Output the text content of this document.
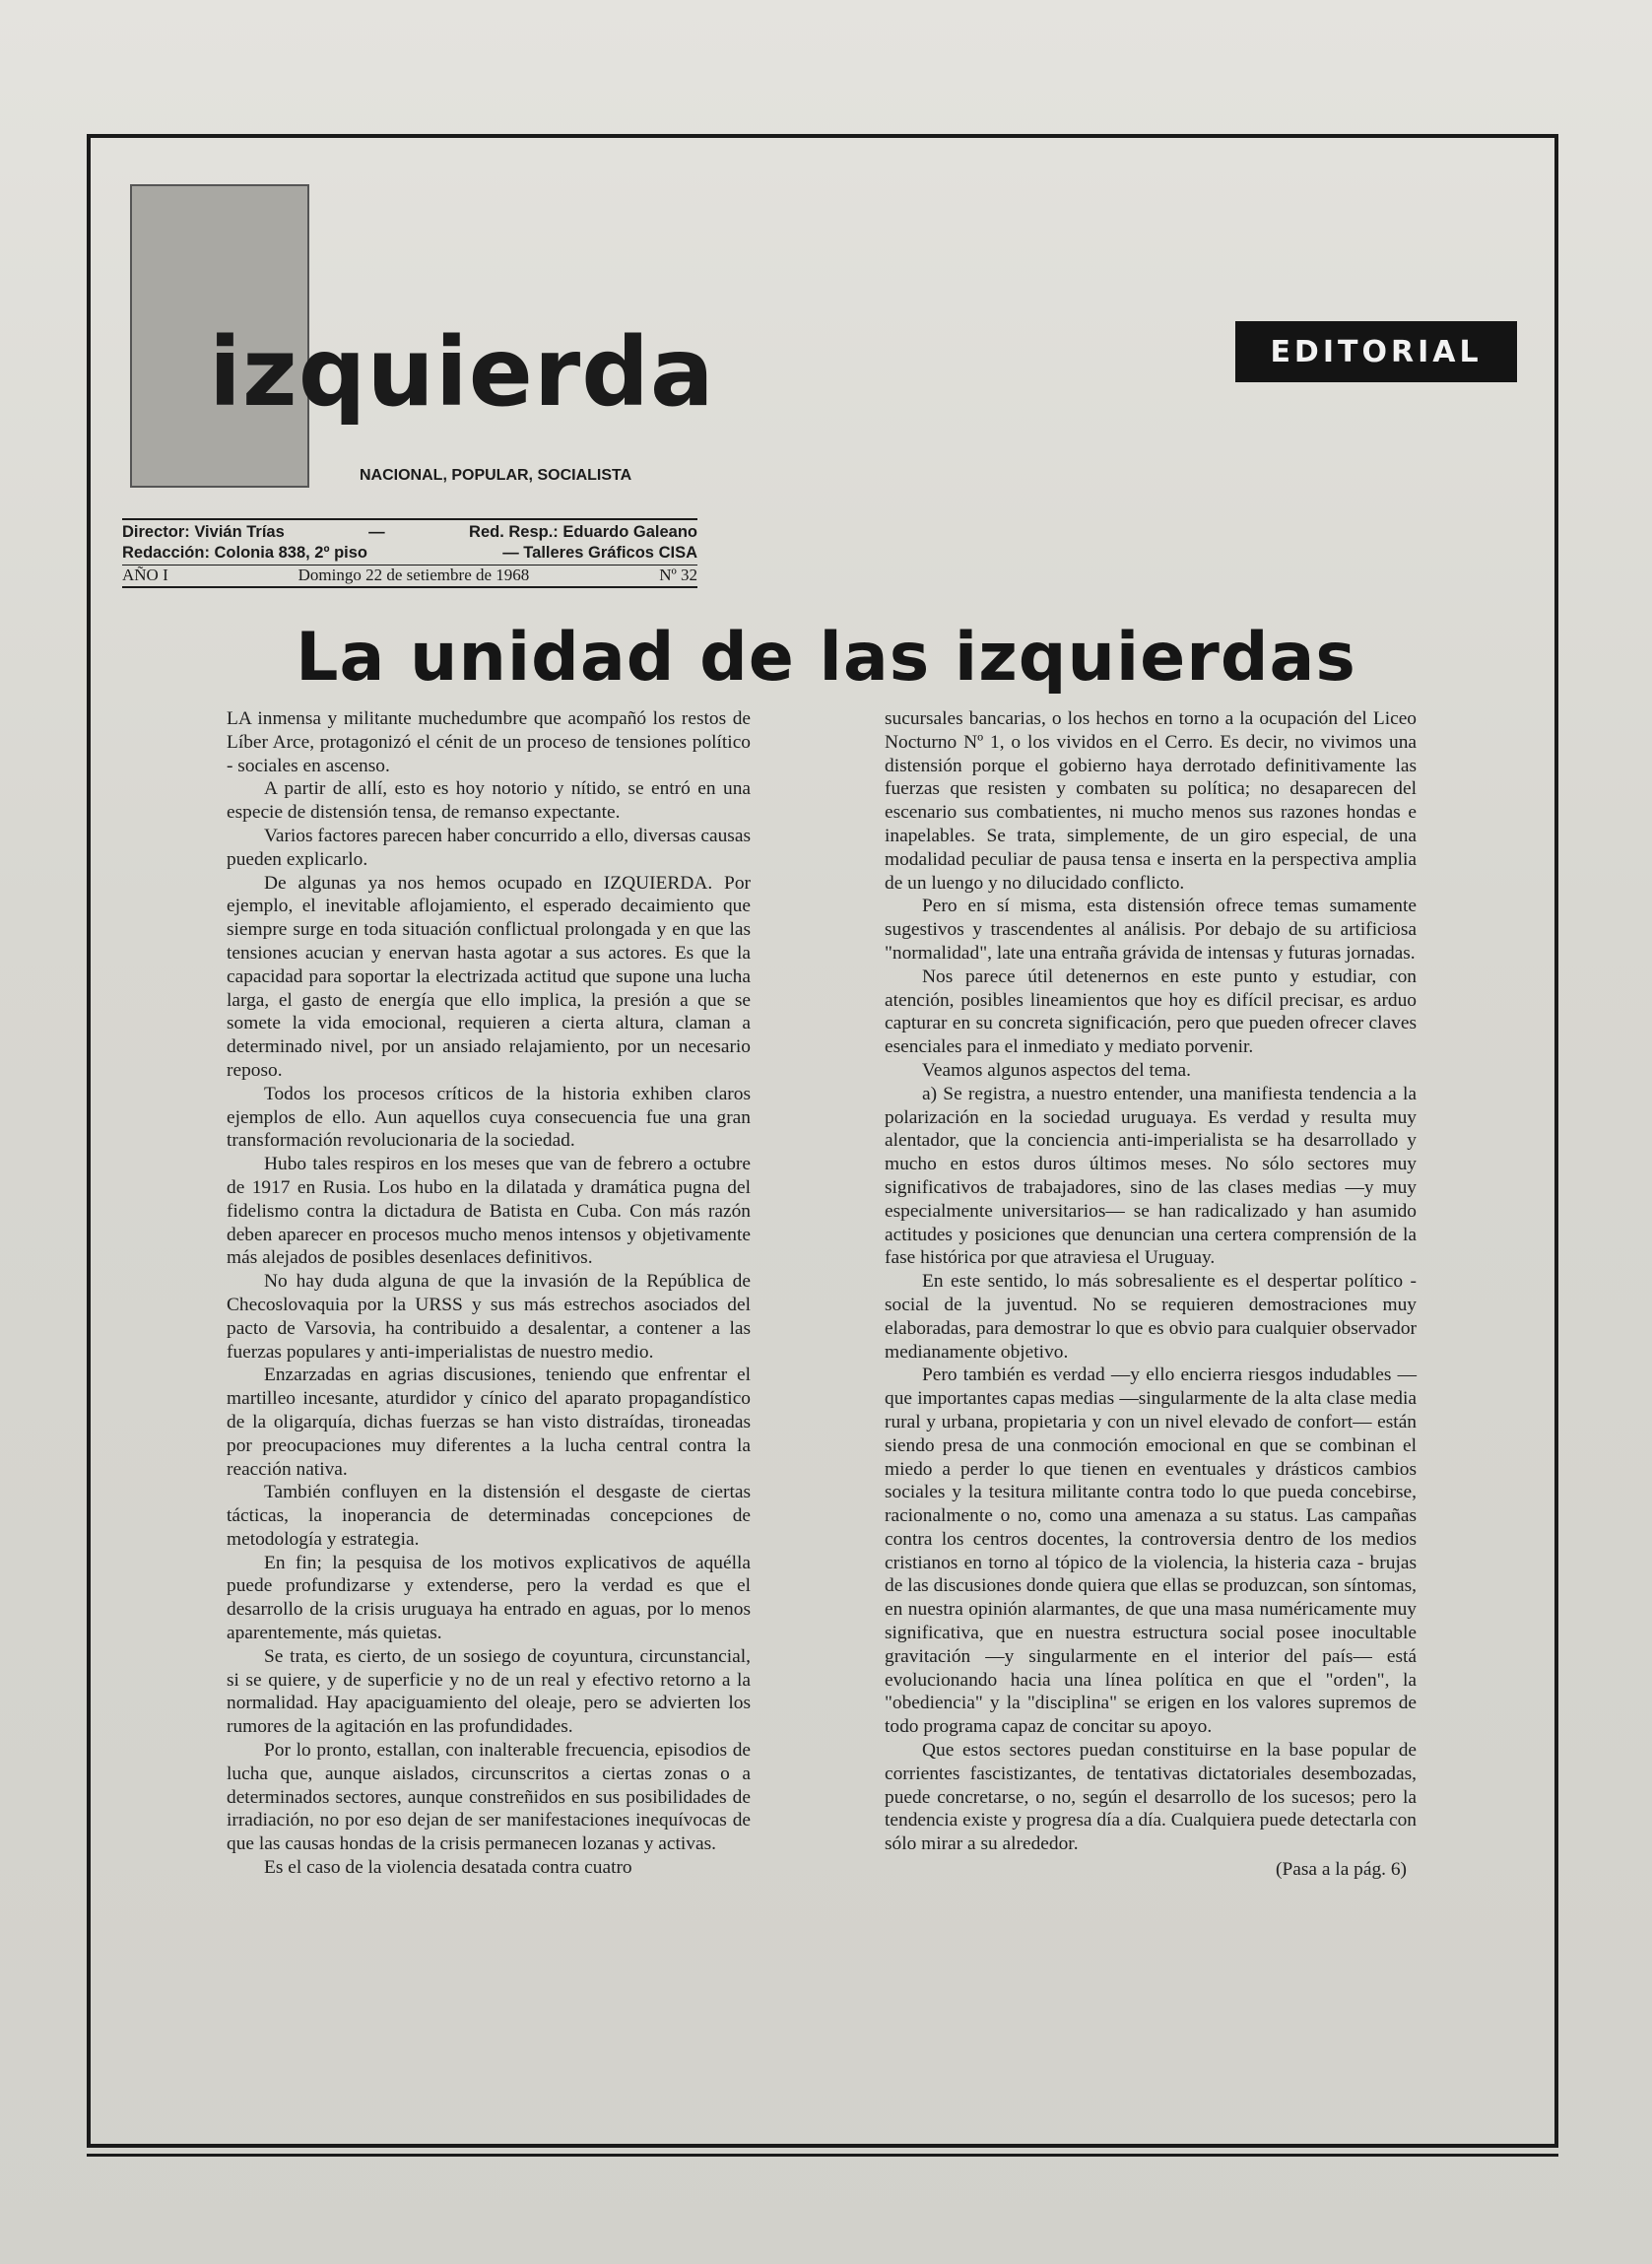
izquierda
NACIONAL, POPULAR, SOCIALISTA
EDITORIAL
Director: Vivián Trías	—	Red. Resp.: Eduardo Galeano
Redacción: Colonia 838, 2º piso	— Talleres Gráficos CISA
AÑO I	Domingo 22 de setiembre de 1968	Nº 32
La unidad de las izquierdas

LA inmensa y militante muchedumbre que acompañó los restos de Líber Arce, protagonizó el cénit de un proceso de tensiones político - sociales en ascenso.

A partir de allí, esto es hoy notorio y nítido, se entró en una especie de distensión tensa, de remanso expectante.

Varios factores parecen haber concurrido a ello, diversas causas pueden explicarlo.

De algunas ya nos hemos ocupado en IZQUIERDA. Por ejemplo, el inevitable aflojamiento, el esperado decaimiento que siempre surge en toda situación conflictual prolongada y en que las tensiones acucian y enervan hasta agotar a sus actores. Es que la capacidad para soportar la electrizada actitud que supone una lucha larga, el gasto de energía que ello implica, la presión a que se somete la vida emocional, requieren a cierta altura, claman a determinado nivel, por un ansiado relajamiento, por un necesario reposo.

Todos los procesos críticos de la historia exhiben claros ejemplos de ello. Aun aquellos cuya consecuencia fue una gran transformación revolucionaria de la sociedad.

Hubo tales respiros en los meses que van de febrero a octubre de 1917 en Rusia. Los hubo en la dilatada y dramática pugna del fidelismo contra la dictadura de Batista en Cuba. Con más razón deben aparecer en procesos mucho menos intensos y objetivamente más alejados de posibles desenlaces definitivos.

No hay duda alguna de que la invasión de la República de Checoslovaquia por la URSS y sus más estrechos asociados del pacto de Varsovia, ha contribuido a desalentar, a contener a las fuerzas populares y anti-imperialistas de nuestro medio.

Enzarzadas en agrias discusiones, teniendo que enfrentar el martilleo incesante, aturdidor y cínico del aparato propagandístico de la oligarquía, dichas fuerzas se han visto distraídas, tironeadas por preocupaciones muy diferentes a la lucha central contra la reacción nativa.

También confluyen en la distensión el desgaste de ciertas tácticas, la inoperancia de determinadas concepciones de metodología y estrategia.

En fin; la pesquisa de los motivos explicativos de aquélla puede profundizarse y extenderse, pero la verdad es que el desarrollo de la crisis uruguaya ha entrado en aguas, por lo menos aparentemente, más quietas.

Se trata, es cierto, de un sosiego de coyuntura, circunstancial, si se quiere, y de superficie y no de un real y efectivo retorno a la normalidad. Hay apaciguamiento del oleaje, pero se advierten los rumores de la agitación en las profundidades.

Por lo pronto, estallan, con inalterable frecuencia, episodios de lucha que, aunque aislados, circunscritos a ciertas zonas o a determinados sectores, aunque constreñidos en sus posibilidades de irradiación, no por eso dejan de ser manifestaciones inequívocas de que las causas hondas de la crisis permanecen lozanas y activas.

Es el caso de la violencia desatada contra cuatro

sucursales bancarias, o los hechos en torno a la ocupación del Liceo Nocturno Nº 1, o los vividos en el Cerro. Es decir, no vivimos una distensión porque el gobierno haya derrotado definitivamente las fuerzas que resisten y combaten su política; no desaparecen del escenario sus combatientes, ni mucho menos sus razones hondas e inapelables. Se trata, simplemente, de un giro especial, de una modalidad peculiar de pausa tensa e inserta en la perspectiva amplia de un luengo y no dilucidado conflicto.

Pero en sí misma, esta distensión ofrece temas sumamente sugestivos y trascendentes al análisis. Por debajo de su artificiosa "normalidad", late una entraña grávida de intensas y futuras jornadas.

Nos parece útil detenernos en este punto y estudiar, con atención, posibles lineamientos que hoy es difícil precisar, es arduo capturar en su concreta significación, pero que pueden ofrecer claves esenciales para el inmediato y mediato porvenir.

Veamos algunos aspectos del tema.

a) Se registra, a nuestro entender, una manifiesta tendencia a la polarización en la sociedad uruguaya. Es verdad y resulta muy alentador, que la conciencia anti-imperialista se ha desarrollado y mucho en estos duros últimos meses. No sólo sectores muy significativos de trabajadores, sino de las clases medias —y muy especialmente universitarios— se han radicalizado y han asumido actitudes y posiciones que denuncian una certera comprensión de la fase histórica por que atraviesa el Uruguay.

En este sentido, lo más sobresaliente es el despertar político - social de la juventud. No se requieren demostraciones muy elaboradas, para demostrar lo que es obvio para cualquier observador medianamente objetivo.

Pero también es verdad —y ello encierra riesgos indudables —que importantes capas medias —singularmente de la alta clase media rural y urbana, propietaria y con un nivel elevado de confort— están siendo presa de una conmoción emocional en que se combinan el miedo a perder lo que tienen en eventuales y drásticos cambios sociales y la tesitura militante contra todo lo que pueda concebirse, racionalmente o no, como una amenaza a su status. Las campañas contra los centros docentes, la controversia dentro de los medios cristianos en torno al tópico de la violencia, la histeria caza - brujas de las discusiones donde quiera que ellas se produzcan, son síntomas, en nuestra opinión alarmantes, de que una masa numéricamente muy significativa, que en nuestra estructura social posee inocultable gravitación —y singularmente en el interior del país— está evolucionando hacia una línea política en que el "orden", la "obediencia" y la "disciplina" se erigen en los valores supremos de todo programa capaz de concitar su apoyo.

Que estos sectores puedan constituirse en la base popular de corrientes fascistizantes, de tentativas dictatoriales desembozadas, puede concretarse, o no, según el desarrollo de los sucesos; pero la tendencia existe y progresa día a día. Cualquiera puede detectarla con sólo mirar a su alrededor.

(Pasa a la pág. 6)
